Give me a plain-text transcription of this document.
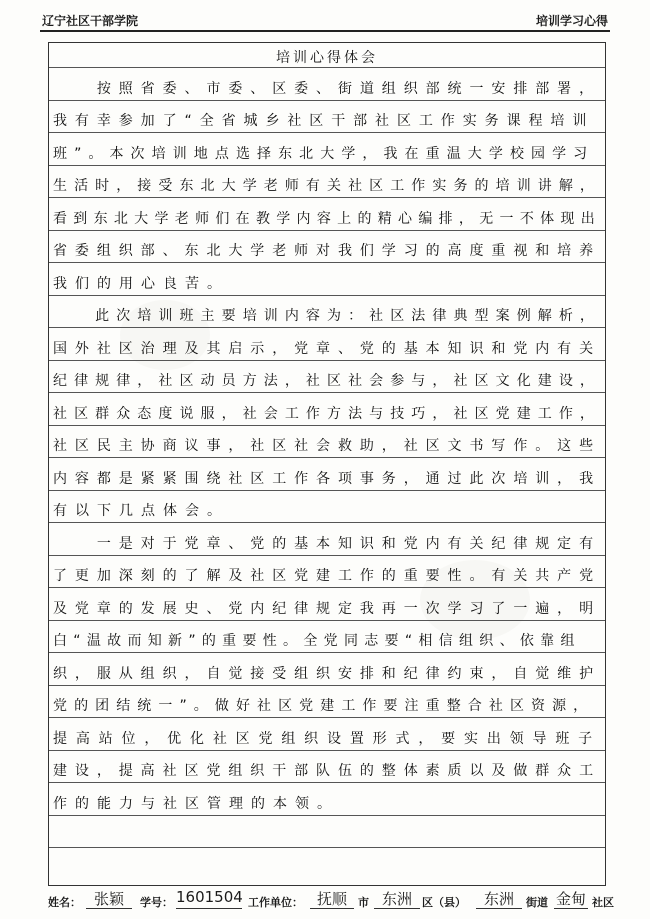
辽宁社区干部学院	培训学习心得
培训心得体会
　　按照省委、市委、区委、街道组织部统一安排部署，
我有幸参加了“全省城乡社区干部社区工作实务课程培训
班”。本次培训地点选择东北大学，我在重温大学校园学习
生活时，接受东北大学老师有关社区工作实务的培训讲解，
看到东北大学老师们在教学内容上的精心编排，无一不体现出
省委组织部、东北大学老师对我们学习的高度重视和培养
我们的用心良苦。
　　此次培训班主要培训内容为：社区法律典型案例解析，
国外社区治理及其启示，党章、党的基本知识和党内有关
纪律规律，社区动员方法，社区社会参与，社区文化建设，
社区群众态度说服，社会工作方法与技巧，社区党建工作，
社区民主协商议事，社区社会救助，社区文书写作。这些
内容都是紧紧围绕社区工作各项事务，通过此次培训，我
有以下几点体会。
　　一是对于党章、党的基本知识和党内有关纪律规定有
了更加深刻的了解及社区党建工作的重要性。有关共产党
及党章的发展史、党内纪律规定我再一次学习了一遍，明
白“温故而知新”的重要性。全党同志要“相信组织、依靠组
织，服从组织，自觉接受组织安排和纪律约束，自觉维护
党的团结统一”。做好社区党建工作要注重整合社区资源，
提高站位，优化社区党组织设置形式，要实出领导班子
建设，提高社区党组织干部队伍的整体素质以及做群众工
作的能力与社区管理的本领。
姓名： 张颖	学号： 1601504 工作单位： 抚顺	市 东洲 区（县）	东洲	街道 金甸 社区
